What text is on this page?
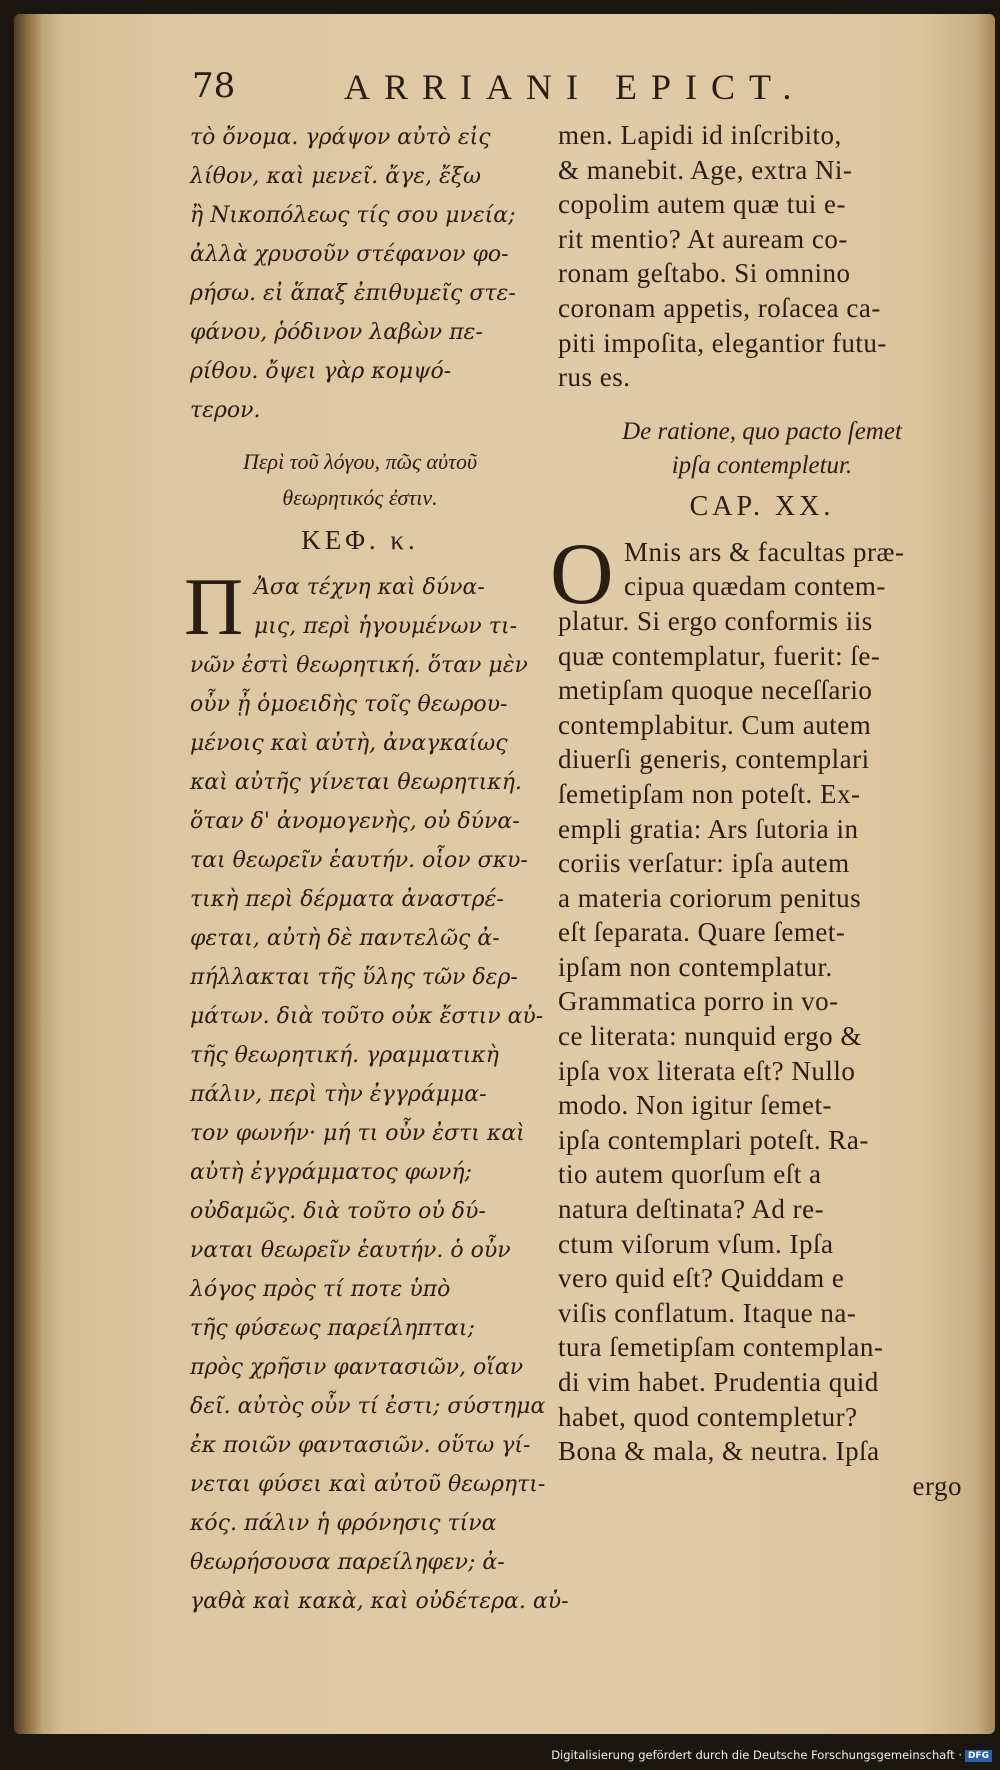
78	ARRIANI EPICT.
τὸ ὄνομα. γράψον αὐτὸ εἰς
λίθον, καὶ μενεῖ. ἄγε, ἔξω
ἢ Νικοπόλεως τίς σου μνεία;
ἀλλὰ χρυσοῦν στέφανον φο-
ρήσω. εἰ ἅπαξ ἐπιθυμεῖς στε-
φάνου, ῥόδινον λαβὼν πε-
ρίθου. ὄψει γὰρ κομψό-
τερον.
Περὶ τοῦ λόγου, πῶς αὐτοῦ
θεωρητικός ἐστιν.
ΚΕΦ. κ.
Π Ἀσα τέχνη καὶ δύνα-
μις, περὶ ἡγουμένων τι-
νῶν ἐστὶ θεωρητική. ὅταν μὲν
οὖν ᾖ ὁμοειδὴς τοῖς θεωρου-
μένοις καὶ αὐτὴ, ἀναγκαίως
καὶ αὐτῆς γίνεται θεωρητική.
ὅταν δ' ἀνομογενὴς, οὐ δύνα-
ται θεωρεῖν ἑαυτήν. οἷον σκυ-
τικὴ περὶ δέρματα ἀναστρέ-
φεται, αὐτὴ δὲ παντελῶς ἀ-
πήλλακται τῆς ὕλης τῶν δερ-
μάτων. διὰ τοῦτο οὐκ ἔστιν αὐ-
τῆς θεωρητική. γραμματικὴ
πάλιν, περὶ τὴν ἐγγράμμα-
τον φωνήν· μή τι οὖν ἐστι καὶ
αὐτὴ ἐγγράμματος φωνή;
οὐδαμῶς. διὰ τοῦτο οὐ δύ-
ναται θεωρεῖν ἑαυτήν. ὁ οὖν
λόγος πρὸς τί ποτε ὑπὸ
τῆς φύσεως παρείληπται;
πρὸς χρῆσιν φαντασιῶν, οἵαν
δεῖ. αὐτὸς οὖν τί ἐστι; σύστημα
ἐκ ποιῶν φαντασιῶν. οὕτω γί-
νεται φύσει καὶ αὐτοῦ θεωρητι-
κός. πάλιν ἡ φρόνησις τίνα
θεωρήσουσα παρείληφεν; ἀ-
γαθὰ καὶ κακὰ, καὶ οὐδέτερα. αὐ-
men. Lapidi id inſcribito,
& manebit. Age, extra Ni-
copolim autem quæ tui e-
rit mentio? At auream co-
ronam geſtabo. Si omnino
coronam appetis, roſacea ca-
piti impoſita, elegantior futu-
rus es.
De ratione, quo pacto ſemet
ipſa contempletur.
CAP. XX.
O Mnis ars & facultas præ-
cipua quædam contem-
platur. Si ergo conformis iis
quæ contemplatur, fuerit: ſe-
metipſam quoque neceſſario
contemplabitur. Cum autem
diuerſi generis, contemplari
ſemetipſam non poteſt. Ex-
empli gratia: Ars ſutoria in
coriis verſatur: ipſa autem
a materia coriorum penitus
eſt ſeparata. Quare ſemet-
ipſam non contemplatur.
Grammatica porro in vo-
ce literata: nunquid ergo &
ipſa vox literata eſt? Nullo
modo. Non igitur ſemet-
ipſa contemplari poteſt. Ra-
tio autem quorſum eſt a
natura deſtinata? Ad re-
ctum viſorum vſum. Ipſa
vero quid eſt? Quiddam e
viſis conflatum. Itaque na-
tura ſemetipſam contemplan-
di vim habet. Prudentia quid
habet, quod contempletur?
Bona & mala, & neutra. Ipſa
ergo
Digitalisierung gefördert durch die Deutsche Forschungsgemeinschaft · DFG
